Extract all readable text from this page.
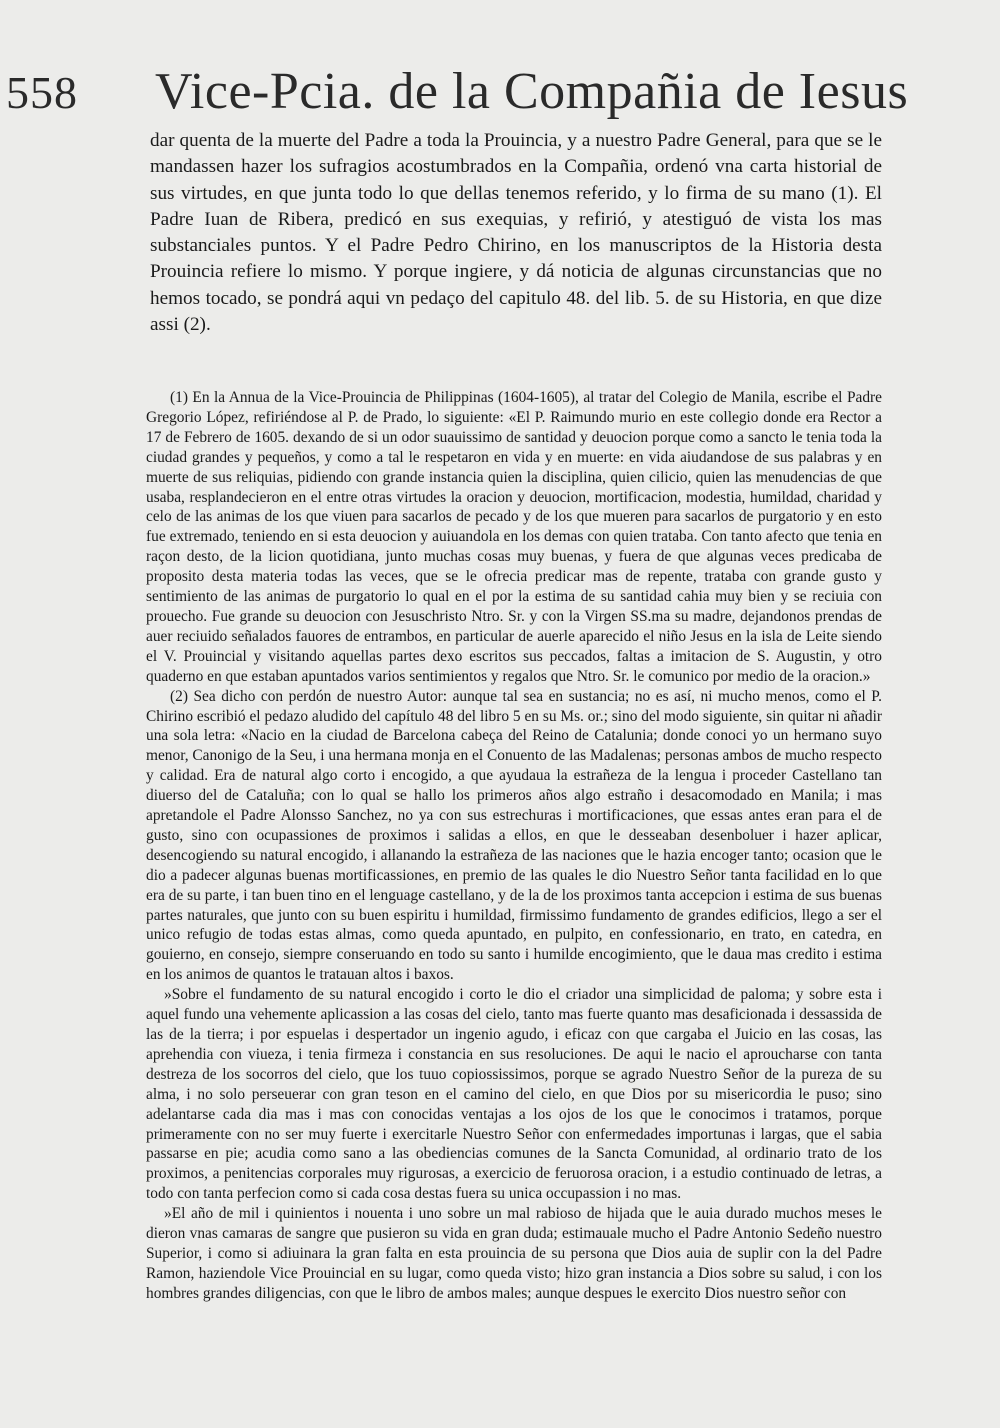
558 Vice-Pcia. de la Compañia de Iesus

dar quenta de la muerte del Padre a toda la Prouincia, y a nuestro Padre General, para que se le mandassen hazer los sufragios acostumbrados en la Compañia, ordenó vna carta historial de sus virtudes, en que junta todo lo que dellas tenemos referido, y lo firma de su mano (1). El Padre Iuan de Ribera, predicó en sus exequias, y refirió, y atestiguó de vista los mas substanciales puntos. Y el Padre Pedro Chirino, en los manuscriptos de la Historia desta Prouincia refiere lo mismo. Y porque ingiere, y dá noticia de algunas circunstancias que no hemos tocado, se pondrá aqui vn pedaço del capitulo 48. del lib. 5. de su Historia, en que dize assi (2).

(1) En la Annua de la Vice-Prouincia de Philippinas (1604-1605), al tratar del Colegio de Manila, escribe el Padre Gregorio López, refiriéndose al P. de Prado, lo siguiente: «El P. Raimundo murio en este collegio donde era Rector a 17 de Febrero de 1605. dexando de si un odor suauissimo de santidad y deuocion porque como a sancto le tenia toda la ciudad grandes y pequeños, y como a tal le respetaron en vida y en muerte: en vida aiudandose de sus palabras y en muerte de sus reliquias, pidiendo con grande instancia quien la disciplina, quien cilicio, quien las menudencias de que usaba, resplandecieron en el entre otras virtudes la oracion y deuocion, mortificacion, modestia, humildad, charidad y celo de las animas de los que viuen para sacarlos de pecado y de los que mueren para sacarlos de purgatorio y en esto fue extremado, teniendo en si esta deuocion y auiuandola en los demas con quien trataba. Con tanto afecto que tenia en raçon desto, de la licion quotidiana, junto muchas cosas muy buenas, y fuera de que algunas veces predicaba de proposito desta materia todas las veces, que se le ofrecia predicar mas de repente, trataba con grande gusto y sentimiento de las animas de purgatorio lo qual en el por la estima de su santidad cahia muy bien y se reciuia con prouecho. Fue grande su deuocion con Jesuschristo Ntro. Sr. y con la Virgen SS.ma su madre, dejandonos prendas de auer reciuido señalados fauores de entrambos, en particular de auerle aparecido el niño Jesus en la isla de Leite siendo el V. Prouincial y visitando aquellas partes dexo escritos sus peccados, faltas a imitacion de S. Augustin, y otro quaderno en que estaban apuntados varios sentimientos y regalos que Ntro. Sr. le comunico por medio de la oracion.»

(2) Sea dicho con perdón de nuestro Autor: aunque tal sea en sustancia; no es así, ni mucho menos, como el P. Chirino escribió el pedazo aludido del capítulo 48 del libro 5 en su Ms. or.; sino del modo siguiente, sin quitar ni añadir una sola letra: «Nacio en la ciudad de Barcelona cabeça del Reino de Catalunia; donde conoci yo un hermano suyo menor, Canonigo de la Seu, i una hermana monja en el Conuento de las Madalenas; personas ambos de mucho respecto y calidad. Era de natural algo corto i encogido, a que ayudaua la estrañeza de la lengua i proceder Castellano tan diuerso del de Cataluña; con lo qual se hallo los primeros años algo estraño i desacomodado en Manila; i mas apretandole el Padre Alonsso Sanchez, no ya con sus estrechuras i mortificaciones, que essas antes eran para el de gusto, sino con ocupassiones de proximos i salidas a ellos, en que le desseaban desenboluer i hazer aplicar, desencogiendo su natural encogido, i allanando la estrañeza de las naciones que le hazia encoger tanto; ocasion que le dio a padecer algunas buenas mortificassiones, en premio de las quales le dio Nuestro Señor tanta facilidad en lo que era de su parte, i tan buen tino en el lenguage castellano, y de la de los proximos tanta accepcion i estima de sus buenas partes naturales, que junto con su buen espiritu i humildad, firmissimo fundamento de grandes edificios, llego a ser el unico refugio de todas estas almas, como queda apuntado, en pulpito, en confessionario, en trato, en catedra, en gouierno, en consejo, siempre conseruando en todo su santo i humilde encogimiento, que le daua mas credito i estima en los animos de quantos le tratauan altos i baxos.

»Sobre el fundamento de su natural encogido i corto le dio el criador una simplicidad de paloma; y sobre esta i aquel fundo una vehemente aplicassion a las cosas del cielo, tanto mas fuerte quanto mas desaficionada i dessassida de las de la tierra; i por espuelas i despertador un ingenio agudo, i eficaz con que cargaba el Juicio en las cosas, las aprehendia con viueza, i tenia firmeza i constancia en sus resoluciones. De aqui le nacio el aproucharse con tanta destreza de los socorros del cielo, que los tuuo copiossissimos, porque se agrado Nuestro Señor de la pureza de su alma, i no solo perseuerar con gran teson en el camino del cielo, en que Dios por su misericordia le puso; sino adelantarse cada dia mas i mas con conocidas ventajas a los ojos de los que le conocimos i tratamos, porque primeramente con no ser muy fuerte i exercitarle Nuestro Señor con enfermedades importunas i largas, que el sabia passarse en pie; acudia como sano a las obediencias comunes de la Sancta Comunidad, al ordinario trato de los proximos, a penitencias corporales muy rigurosas, a exercicio de feruorosa oracion, i a estudio continuado de letras, a todo con tanta perfecion como si cada cosa destas fuera su unica occupassion i no mas.

»El año de mil i quinientos i nouenta i uno sobre un mal rabioso de hijada que le auia durado muchos meses le dieron vnas camaras de sangre que pusieron su vida en gran duda; estimauale mucho el Padre Antonio Sedeño nuestro Superior, i como si adiuinara la gran falta en esta prouincia de su persona que Dios auia de suplir con la del Padre Ramon, haziendole Vice Prouincial en su lugar, como queda visto; hizo gran instancia a Dios sobre su salud, i con los hombres grandes diligencias, con que le libro de ambos males; aunque despues le exercito Dios nuestro señor con
